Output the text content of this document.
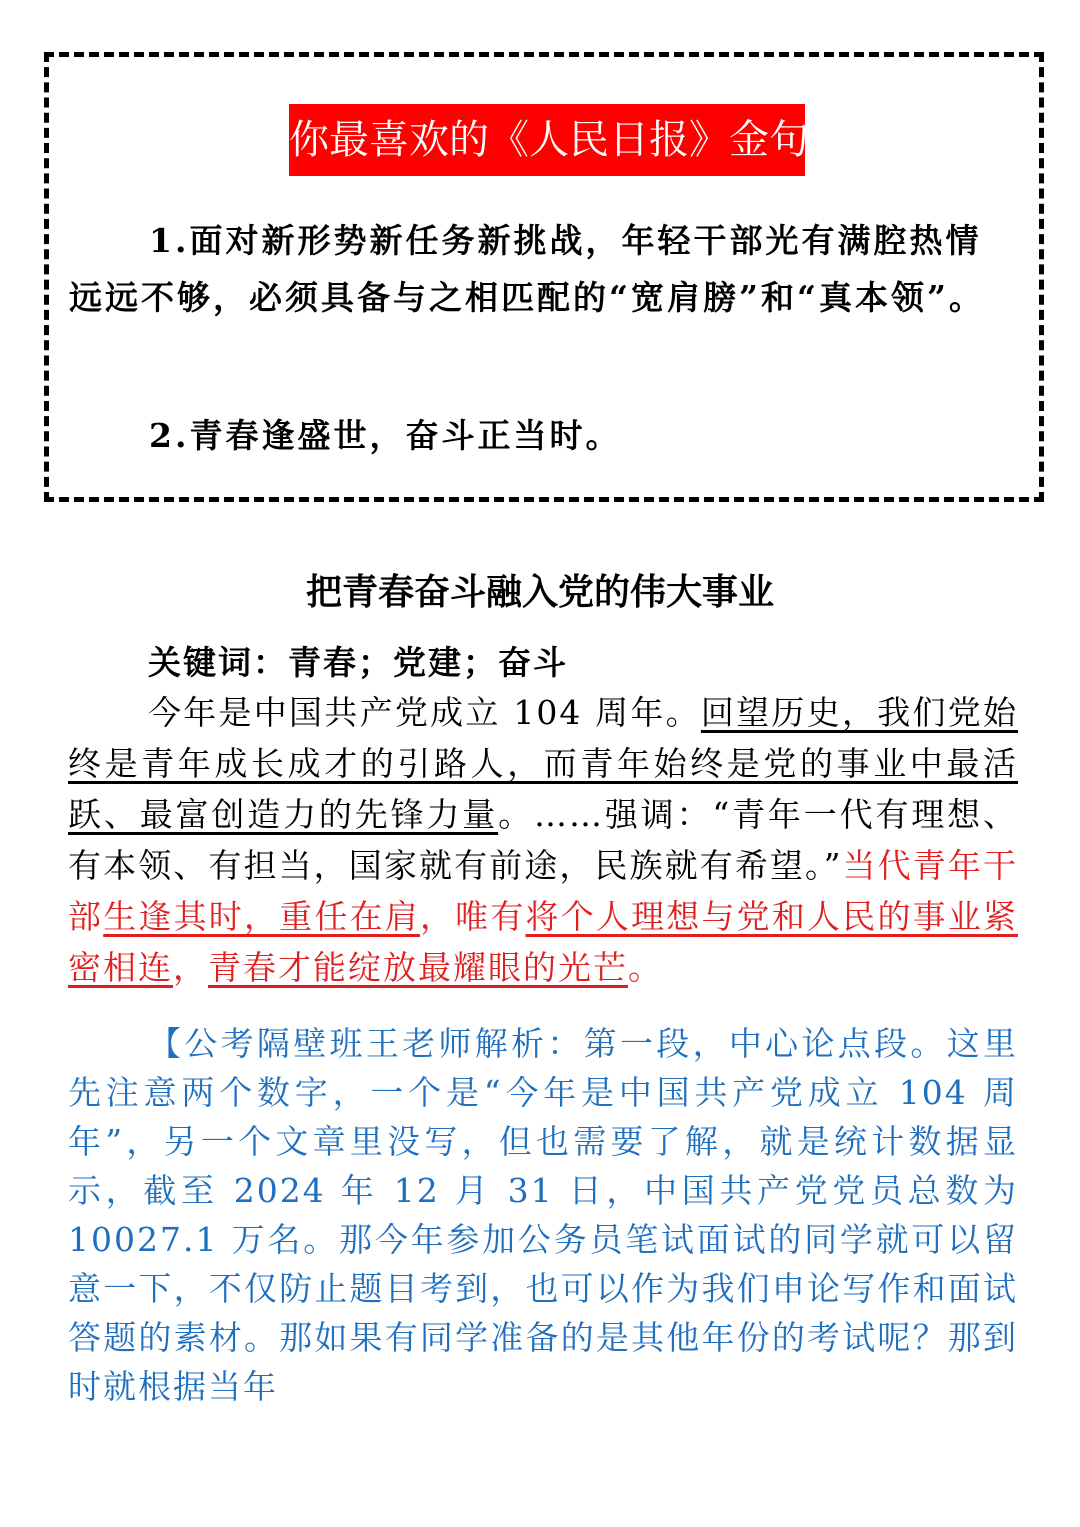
你最喜欢的《人民日报》金句
1.面对新形势新任务新挑战，年轻干部光有满腔热情远远不够，必须具备与之相匹配的“宽肩膀”和“真本领”。
2.青春逢盛世，奋斗正当时。
把青春奋斗融入党的伟大事业
关键词：青春；党建；奋斗
今年是中国共产党成立 104 周年。回望历史，我们党始终是青年成长成才的引路人，而青年始终是党的事业中最活跃、最富创造力的先锋力量。……强调：“青年一代有理想、有本领、有担当，国家就有前途，民族就有希望。”当代青年干部生逢其时，重任在肩，唯有将个人理想与党和人民的事业紧密相连，青春才能绽放最耀眼的光芒。
【公考隔壁班王老师解析：第一段，中心论点段。这里先注意两个数字，一个是“今年是中国共产党成立 104 周年”，另一个文章里没写，但也需要了解，就是统计数据显示，截至 2024 年 12 月 31 日，中国共产党党员总数为 10027.1 万名。那今年参加公务员笔试面试的同学就可以留意一下，不仅防止题目考到，也可以作为我们申论写作和面试答题的素材。那如果有同学准备的是其他年份的考试呢？那到时就根据当年
